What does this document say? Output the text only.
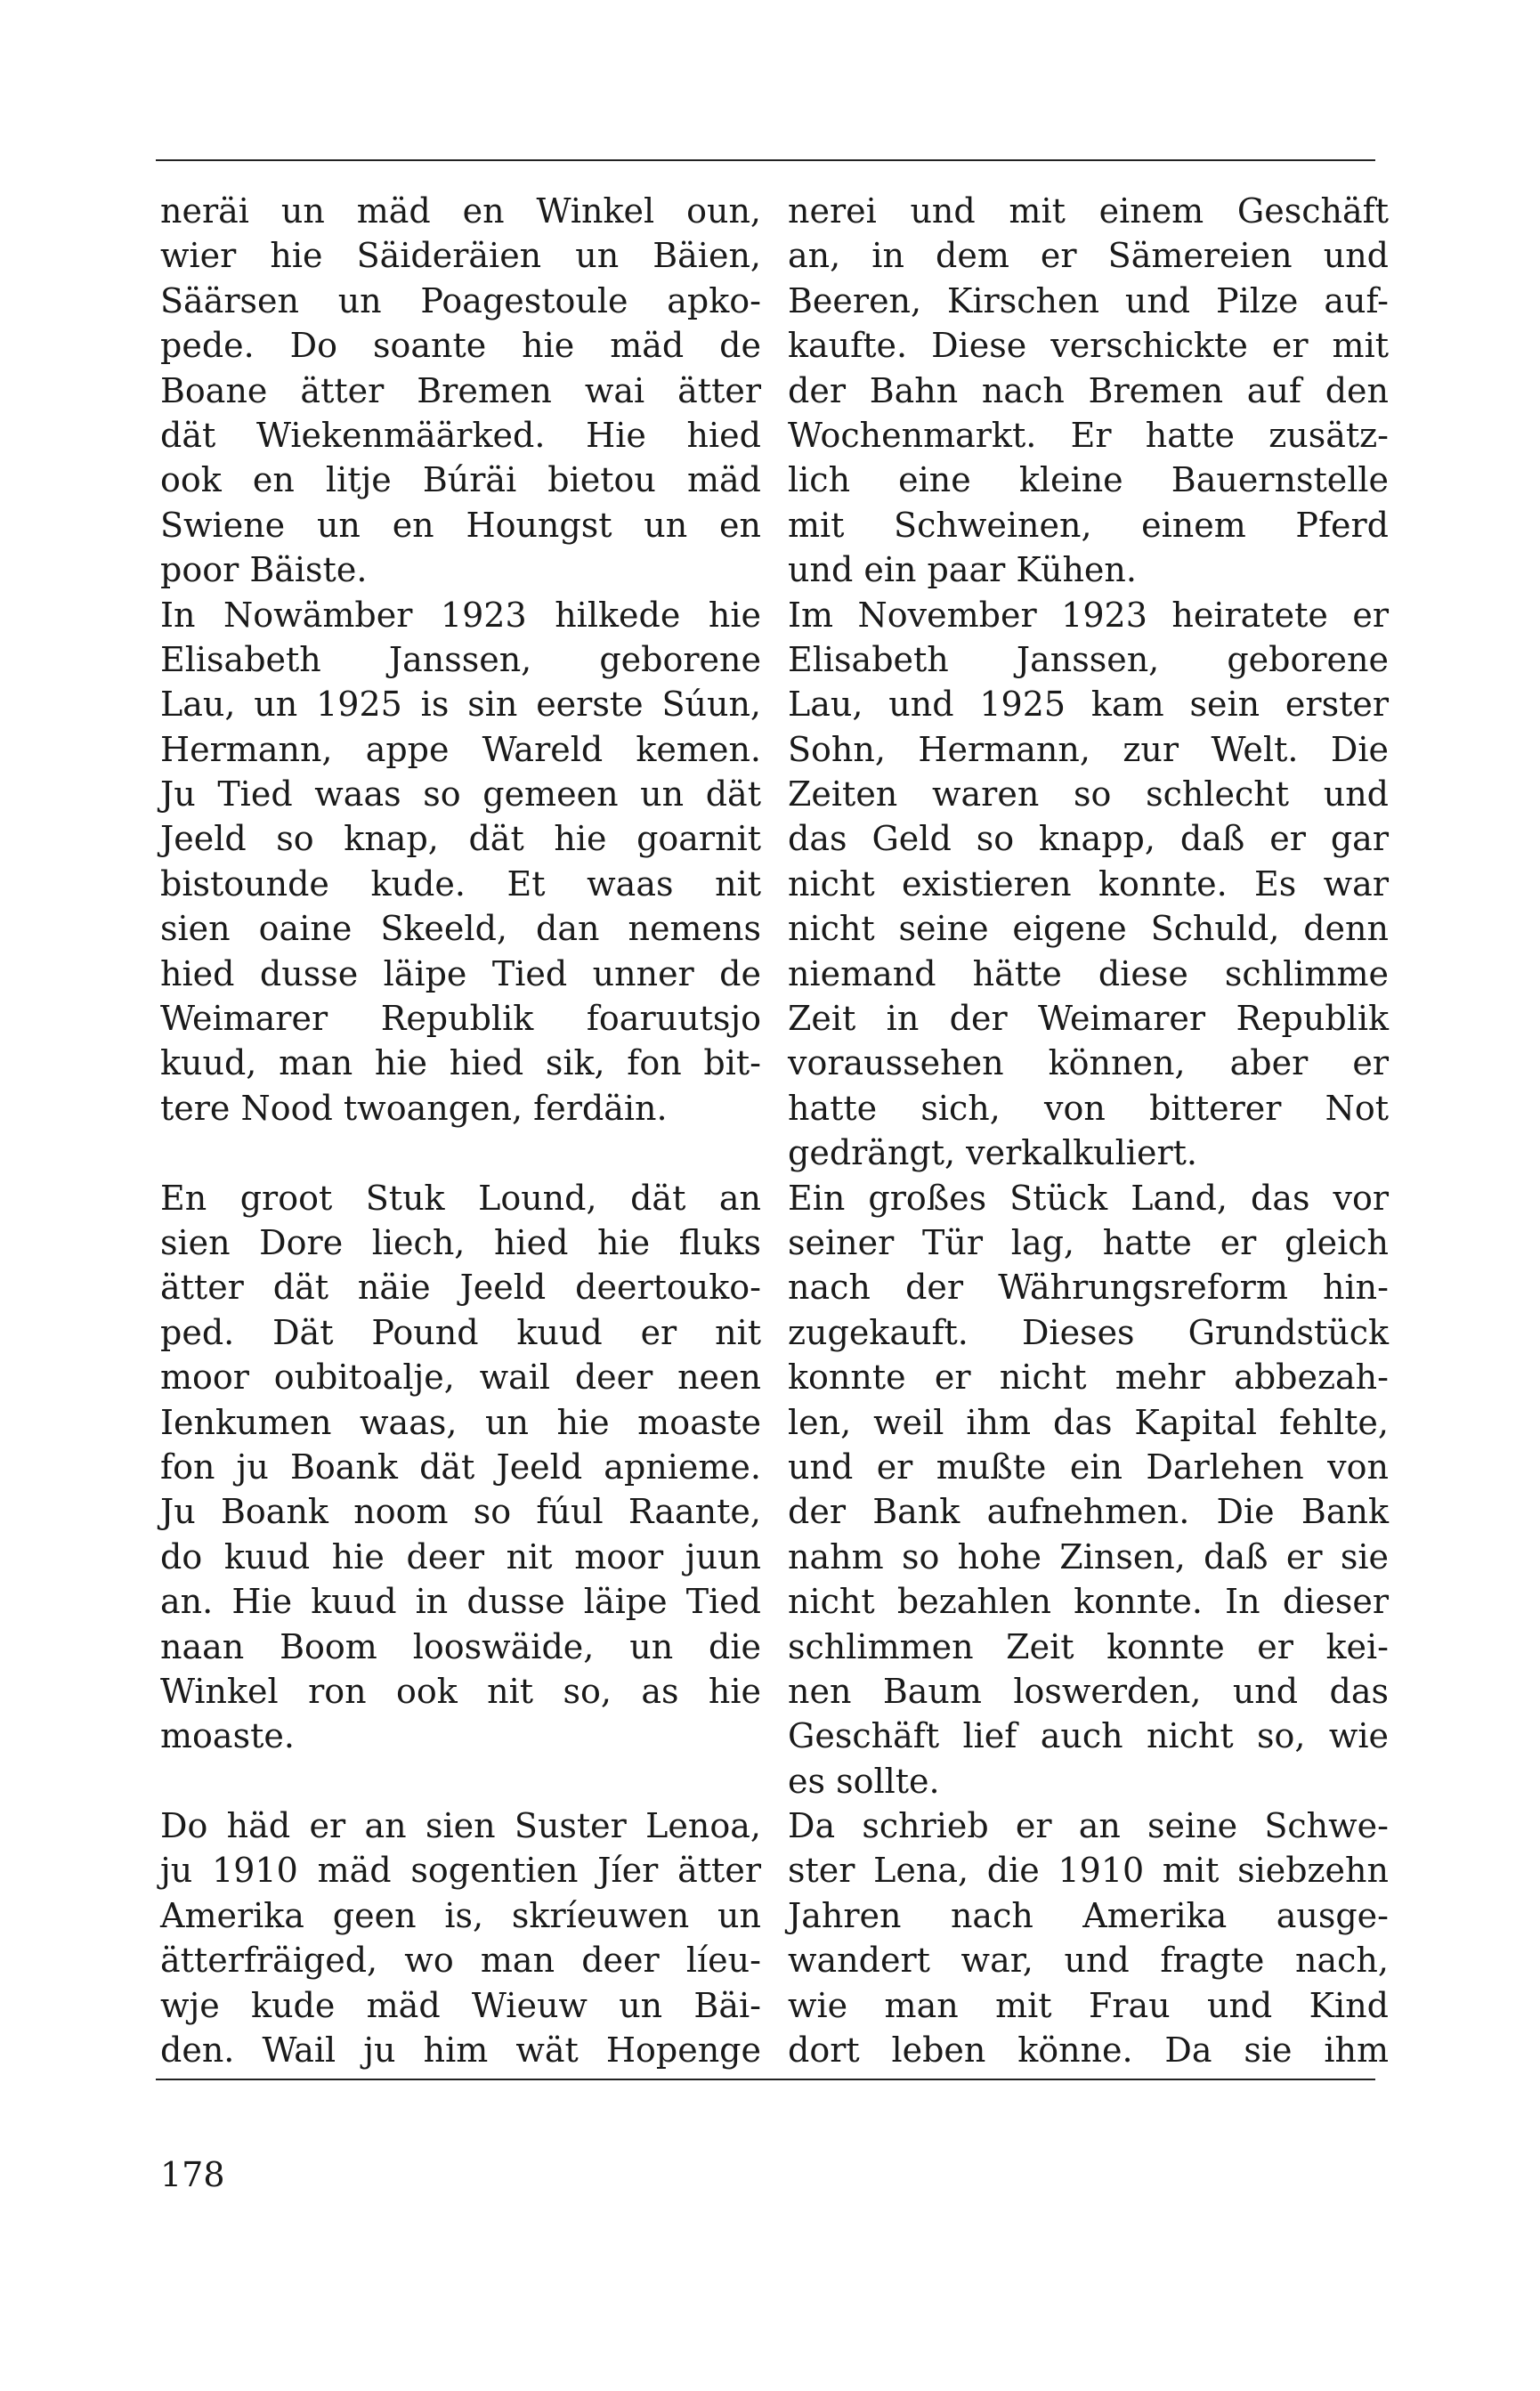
neräi un mäd en Winkel oun,
wier hie Säideräien un Bäien,
Säärsen un Poagestoule apko-
pede. Do soante hie mäd de
Boane ätter Bremen wai ätter
dät Wiekenmäärked. Hie hied
ook en litje Búräi bietou mäd
Swiene un en Houngst un en
poor Bäiste.
In Nowämber 1923 hilkede hie
Elisabeth Janssen, geborene
Lau, un 1925 is sin eerste Súun,
Hermann, appe Wareld kemen.
Ju Tied waas so gemeen un dät
Jeeld so knap, dät hie goarnit
bistounde kude. Et waas nit
sien oaine Skeeld, dan nemens
hied dusse läipe Tied unner de
Weimarer Republik foaruutsjo
kuud, man hie hied sik, fon bit-
tere Nood twoangen, ferdäin.
En groot Stuk Lound, dät an
sien Dore liech, hied hie fluks
ätter dät näie Jeeld deertouko-
ped. Dät Pound kuud er nit
moor oubitoalje, wail deer neen
Ienkumen waas, un hie moaste
fon ju Boank dät Jeeld apnieme.
Ju Boank noom so fúul Raante,
do kuud hie deer nit moor juun
an. Hie kuud in dusse läipe Tied
naan Boom looswäide, un die
Winkel ron ook nit so, as hie
moaste.
Do häd er an sien Suster Lenoa,
ju 1910 mäd sogentien Jíer ätter
Amerika geen is, skríeuwen un
ätterfräiged, wo man deer líeu-
wje kude mäd Wieuw un Bäi-
den. Wail ju him wät Hopenge
nerei und mit einem Geschäft
an, in dem er Sämereien und
Beeren, Kirschen und Pilze auf-
kaufte. Diese verschickte er mit
der Bahn nach Bremen auf den
Wochenmarkt. Er hatte zusätz-
lich eine kleine Bauernstelle
mit Schweinen, einem Pferd
und ein paar Kühen.
Im November 1923 heiratete er
Elisabeth Janssen, geborene
Lau, und 1925 kam sein erster
Sohn, Hermann, zur Welt. Die
Zeiten waren so schlecht und
das Geld so knapp, daß er gar
nicht existieren konnte. Es war
nicht seine eigene Schuld, denn
niemand hätte diese schlimme
Zeit in der Weimarer Republik
voraussehen können, aber er
hatte sich, von bitterer Not
gedrängt, verkalkuliert.
Ein großes Stück Land, das vor
seiner Tür lag, hatte er gleich
nach der Währungsreform hin-
zugekauft. Dieses Grundstück
konnte er nicht mehr abbezah-
len, weil ihm das Kapital fehlte,
und er mußte ein Darlehen von
der Bank aufnehmen. Die Bank
nahm so hohe Zinsen, daß er sie
nicht bezahlen konnte. In dieser
schlimmen Zeit konnte er kei-
nen Baum loswerden, und das
Geschäft lief auch nicht so, wie
es sollte.
Da schrieb er an seine Schwe-
ster Lena, die 1910 mit siebzehn
Jahren nach Amerika ausge-
wandert war, und fragte nach,
wie man mit Frau und Kind
dort leben könne. Da sie ihm
178
